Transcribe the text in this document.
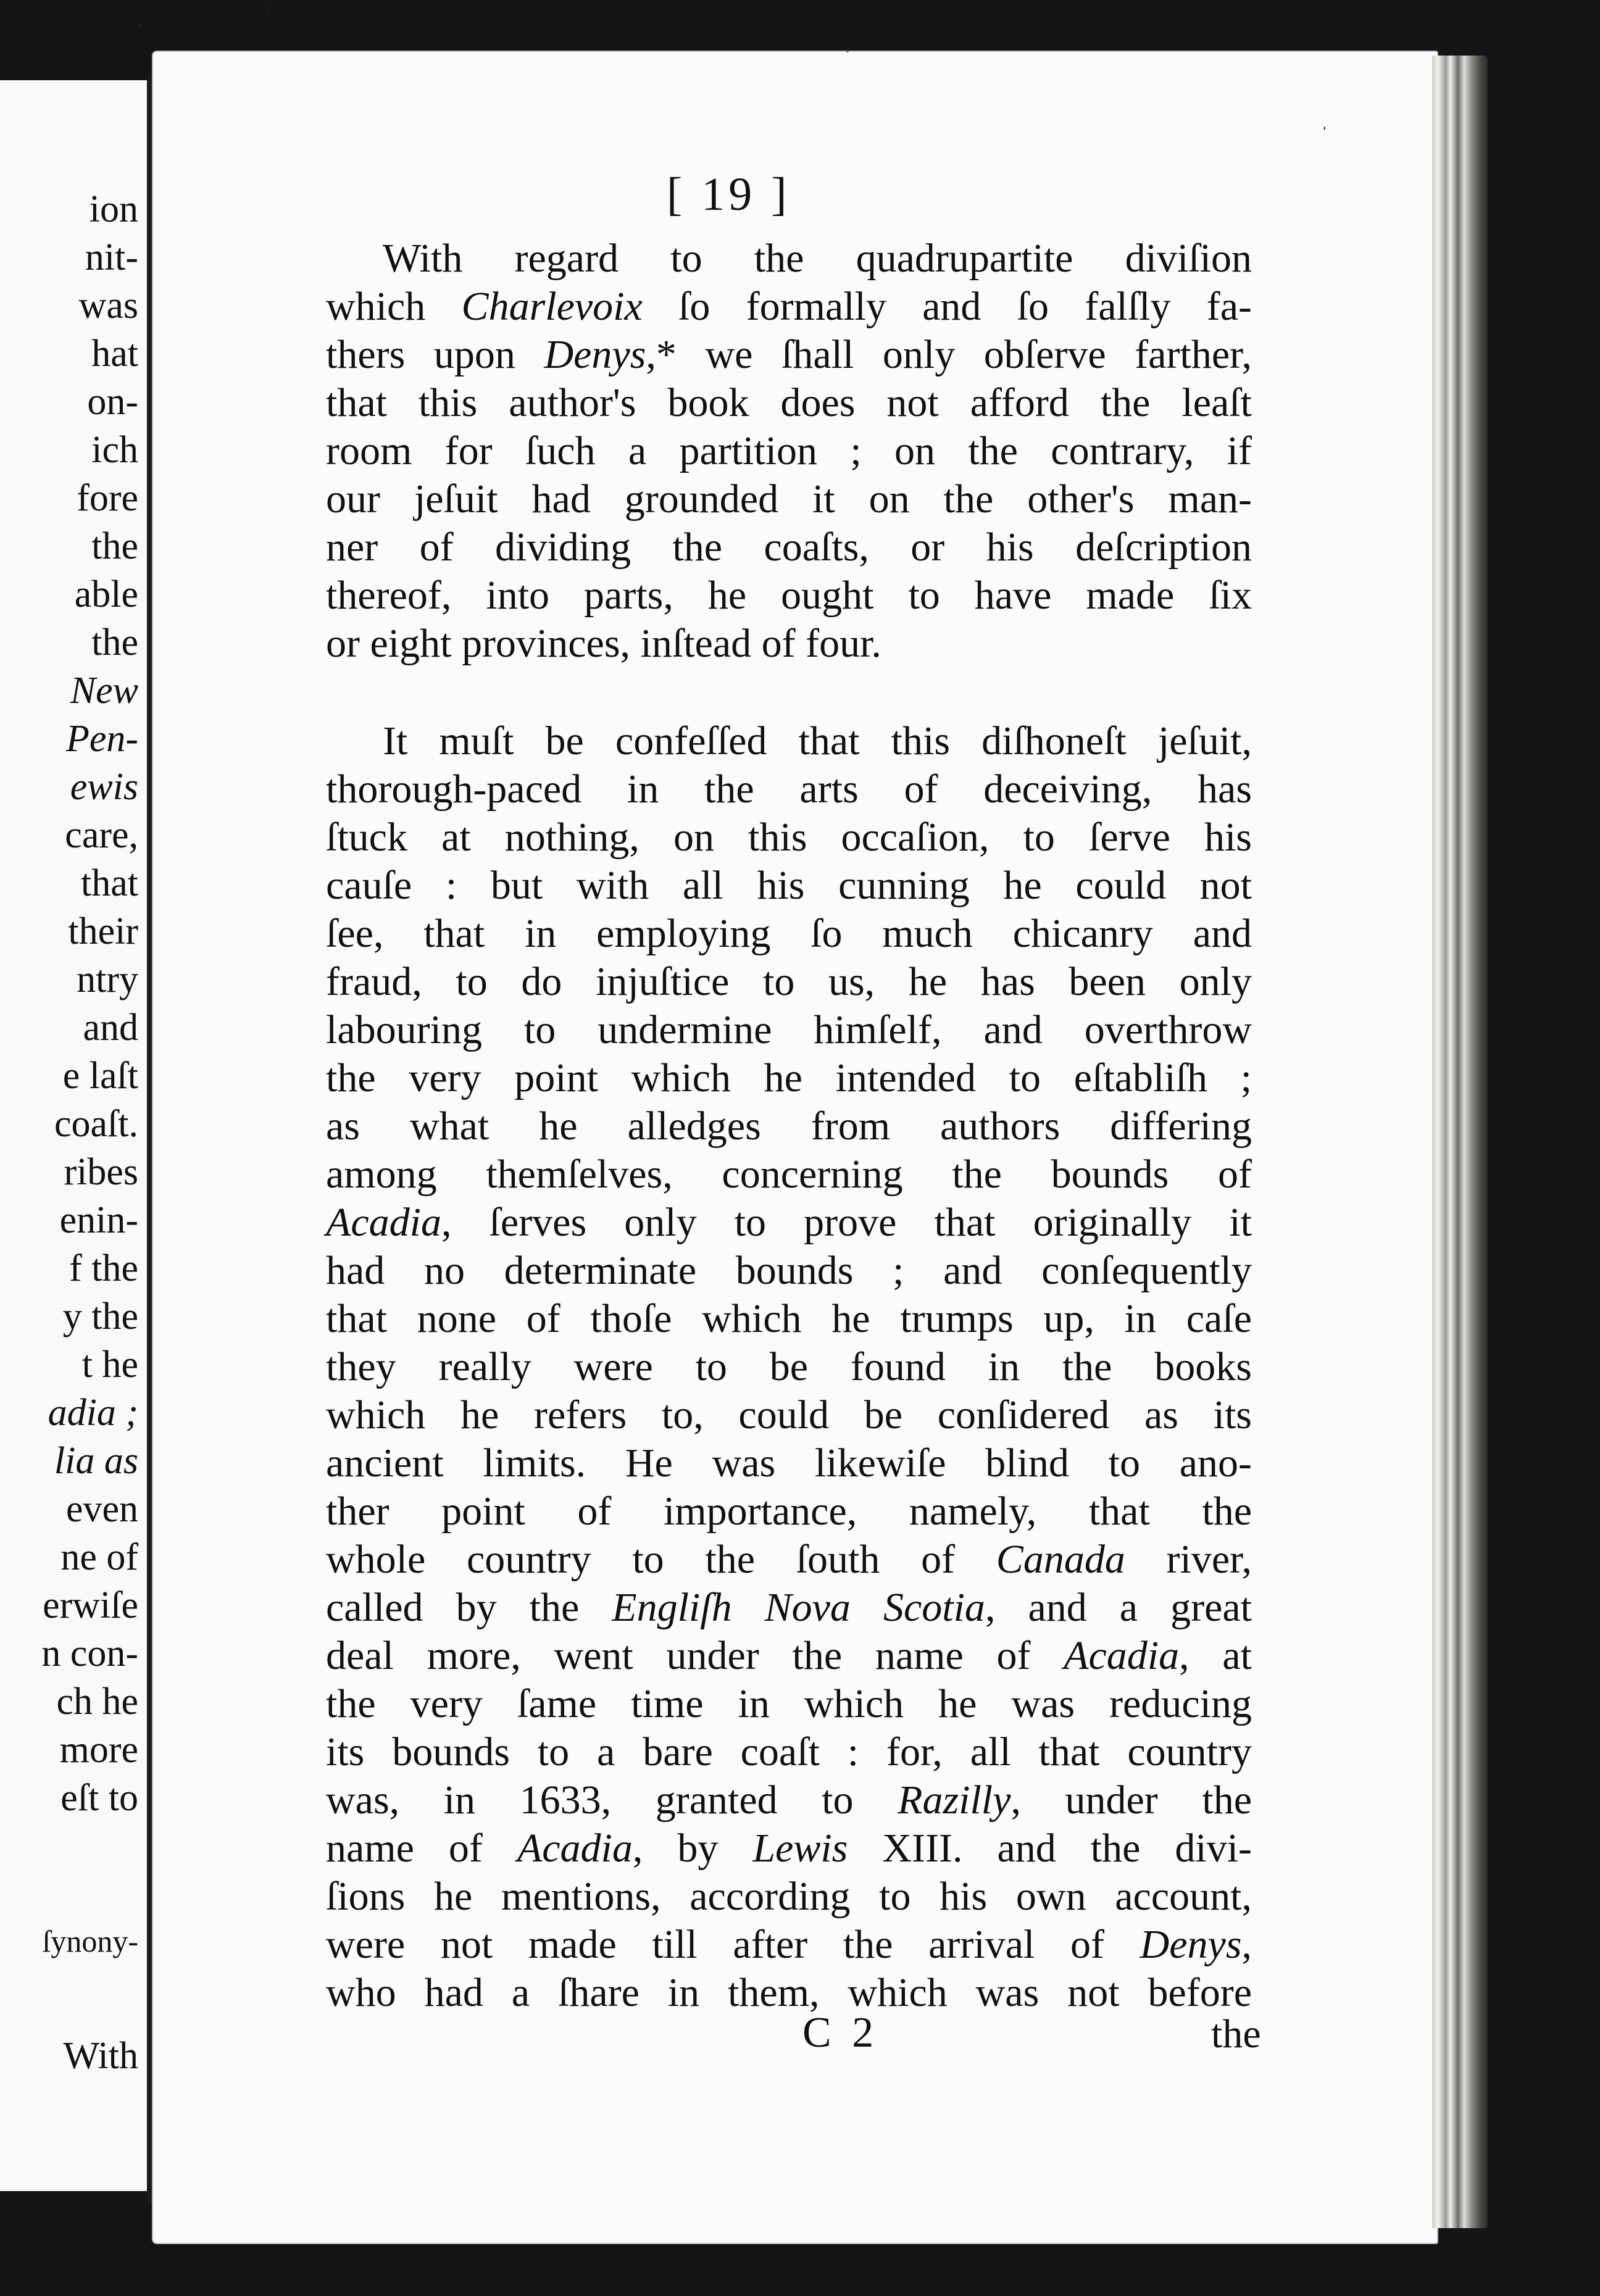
ion
nit-
was
hat
on-
ich
fore
the
able
the
New
Pen-
ewis
care,
that
their
ntry
and
e laſt
coaſt.
ribes
enin-
f the
y the
t he
adia ;
lia as
even
ne of
erwiſe
n con-
ch he
more
eſt to
ſynony-
With
[ 19 ]
With regard to the quadrupartite diviſion
which Charlevoix ſo formally and ſo falſly fa-
thers upon Denys,* we ſhall only obſerve farther,
that this author's book does not afford the leaſt
room for ſuch a partition ; on the contrary, if
our jeſuit had grounded it on the other's man-
ner of dividing the coaſts, or his deſcription
thereof, into parts, he ought to have made ſix
or eight provinces, inſtead of four.
It muſt be confeſſed that this diſhoneſt jeſuit,
thorough-paced in the arts of deceiving, has
ſtuck at nothing, on this occaſion, to ſerve his
cauſe : but with all his cunning he could not
ſee, that in employing ſo much chicanry and
fraud, to do injuſtice to us, he has been only
labouring to undermine himſelf, and overthrow
the very point which he intended to eſtabliſh ;
as what he alledges from authors differing
among themſelves, concerning the bounds of
Acadia, ſerves only to prove that originally it
had no determinate bounds ; and conſequently
that none of thoſe which he trumps up, in caſe
they really were to be found in the books
which he refers to, could be conſidered as its
ancient limits. He was likewiſe blind to ano-
ther point of importance, namely, that the
whole country to the ſouth of Canada river,
called by the Engliſh Nova Scotia, and a great
deal more, went under the name of Acadia, at
the very ſame time in which he was reducing
its bounds to a bare coaſt : for, all that country
was, in 1633, granted to Razilly, under the
name of Acadia, by Lewis XIII. and the divi-
ſions he mentions, according to his own account,
were not made till after the arrival of Denys,
who had a ſhare in them, which was not before
C 2	the
ʻ
\
ʼ
ˈ
